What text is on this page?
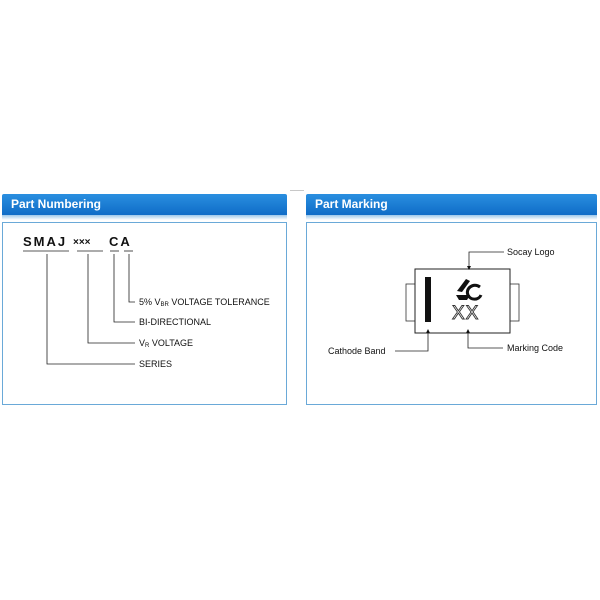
Part Numbering
SMAJ ××× CA
5% VBR VOLTAGE TOLERANCE
BI-DIRECTIONAL
VR VOLTAGE
SERIES
Part Marking
XX
Socay Logo
Cathode Band	Marking Code
